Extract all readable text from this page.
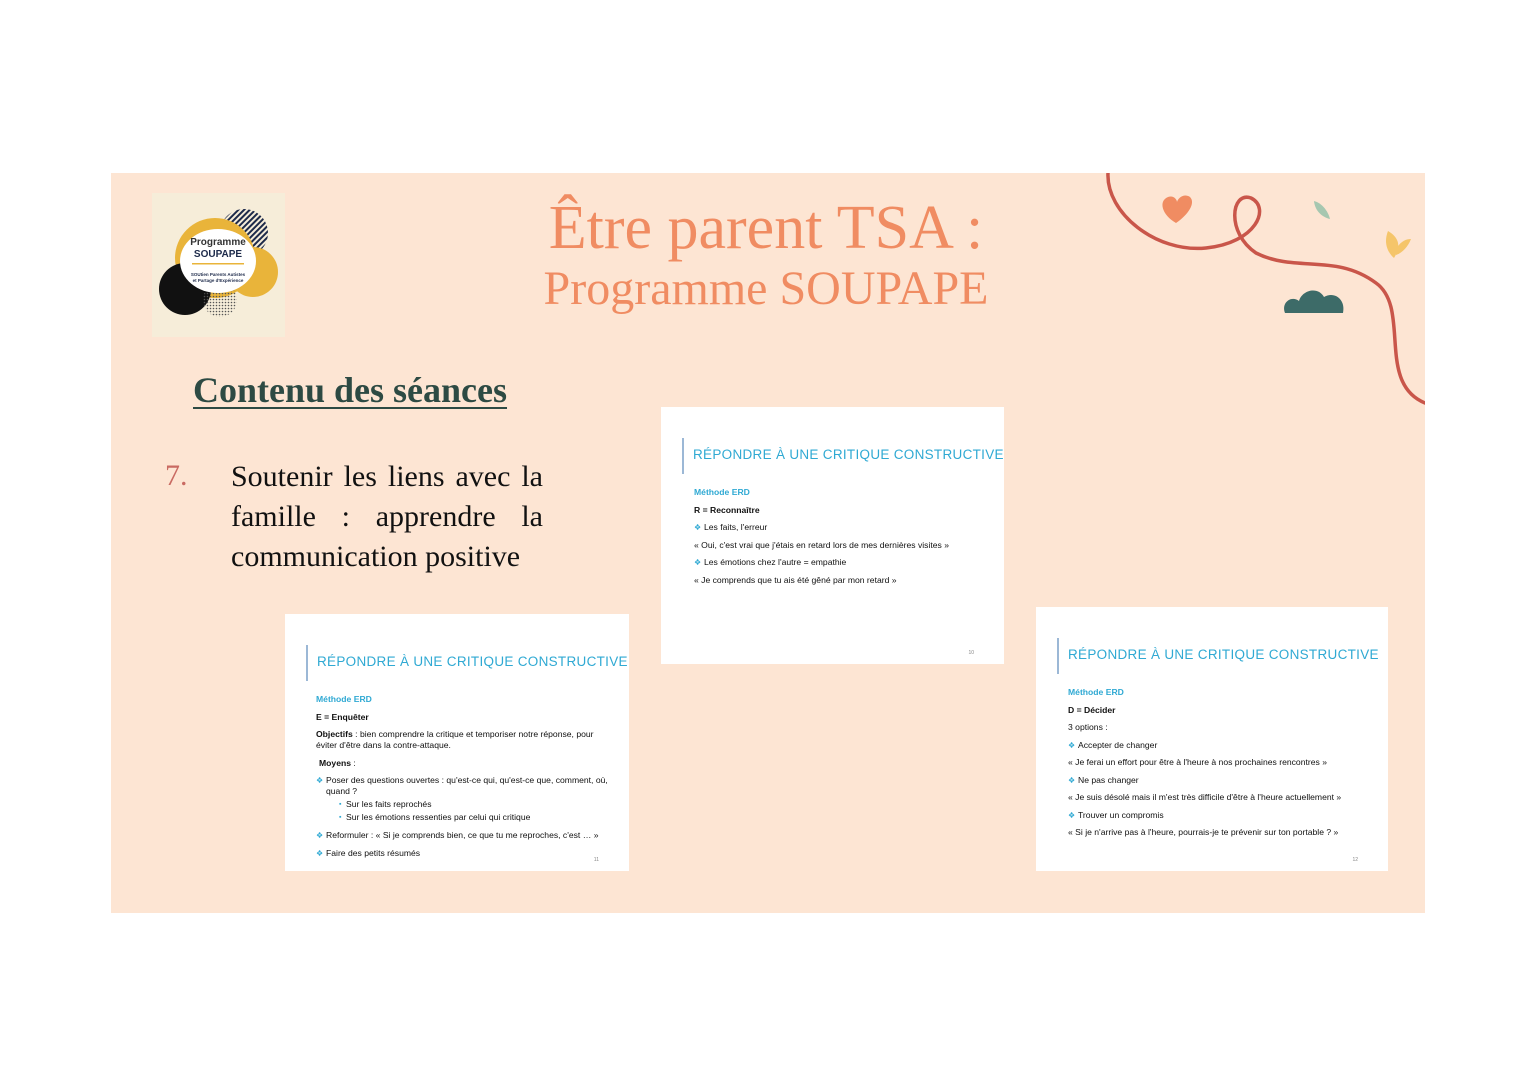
Programme
SOUPAPE
SOUtien Parents Autistes
et Partage d'Expérience
Être parent TSA :
Programme SOUPAPE
Contenu des séances
7. Soutenir les liens avec la famille : apprendre la communication positive
RÉPONDRE À UNE CRITIQUE CONSTRUCTIVE
Méthode ERD
R = Reconnaître
❖ Les faits, l'erreur
« Oui, c'est vrai que j'étais en retard lors de mes dernières visites »
❖ Les émotions chez l'autre = empathie
« Je comprends que tu ais été gêné par mon retard »
10
RÉPONDRE À UNE CRITIQUE CONSTRUCTIVE
Méthode ERD
E = Enquêter
Objectifs : bien comprendre la critique et temporiser notre réponse, pour éviter d'être dans la contre-attaque.
Moyens :
❖ Poser des questions ouvertes : qu'est-ce qui, qu'est-ce que, comment, où, quand ?
▪ Sur les faits reprochés
▪ Sur les émotions ressenties par celui qui critique
❖ Reformuler : « Si je comprends bien, ce que tu me reproches, c'est … »
❖ Faire des petits résumés
11
RÉPONDRE À UNE CRITIQUE CONSTRUCTIVE
Méthode ERD
D = Décider
3 options :
❖ Accepter de changer
« Je ferai un effort pour être à l'heure à nos prochaines rencontres »
❖ Ne pas changer
« Je suis désolé mais il m'est très difficile d'être à l'heure actuellement »
❖ Trouver un compromis
« Si je n'arrive pas à l'heure, pourrais-je te prévenir sur ton portable ? »
12
